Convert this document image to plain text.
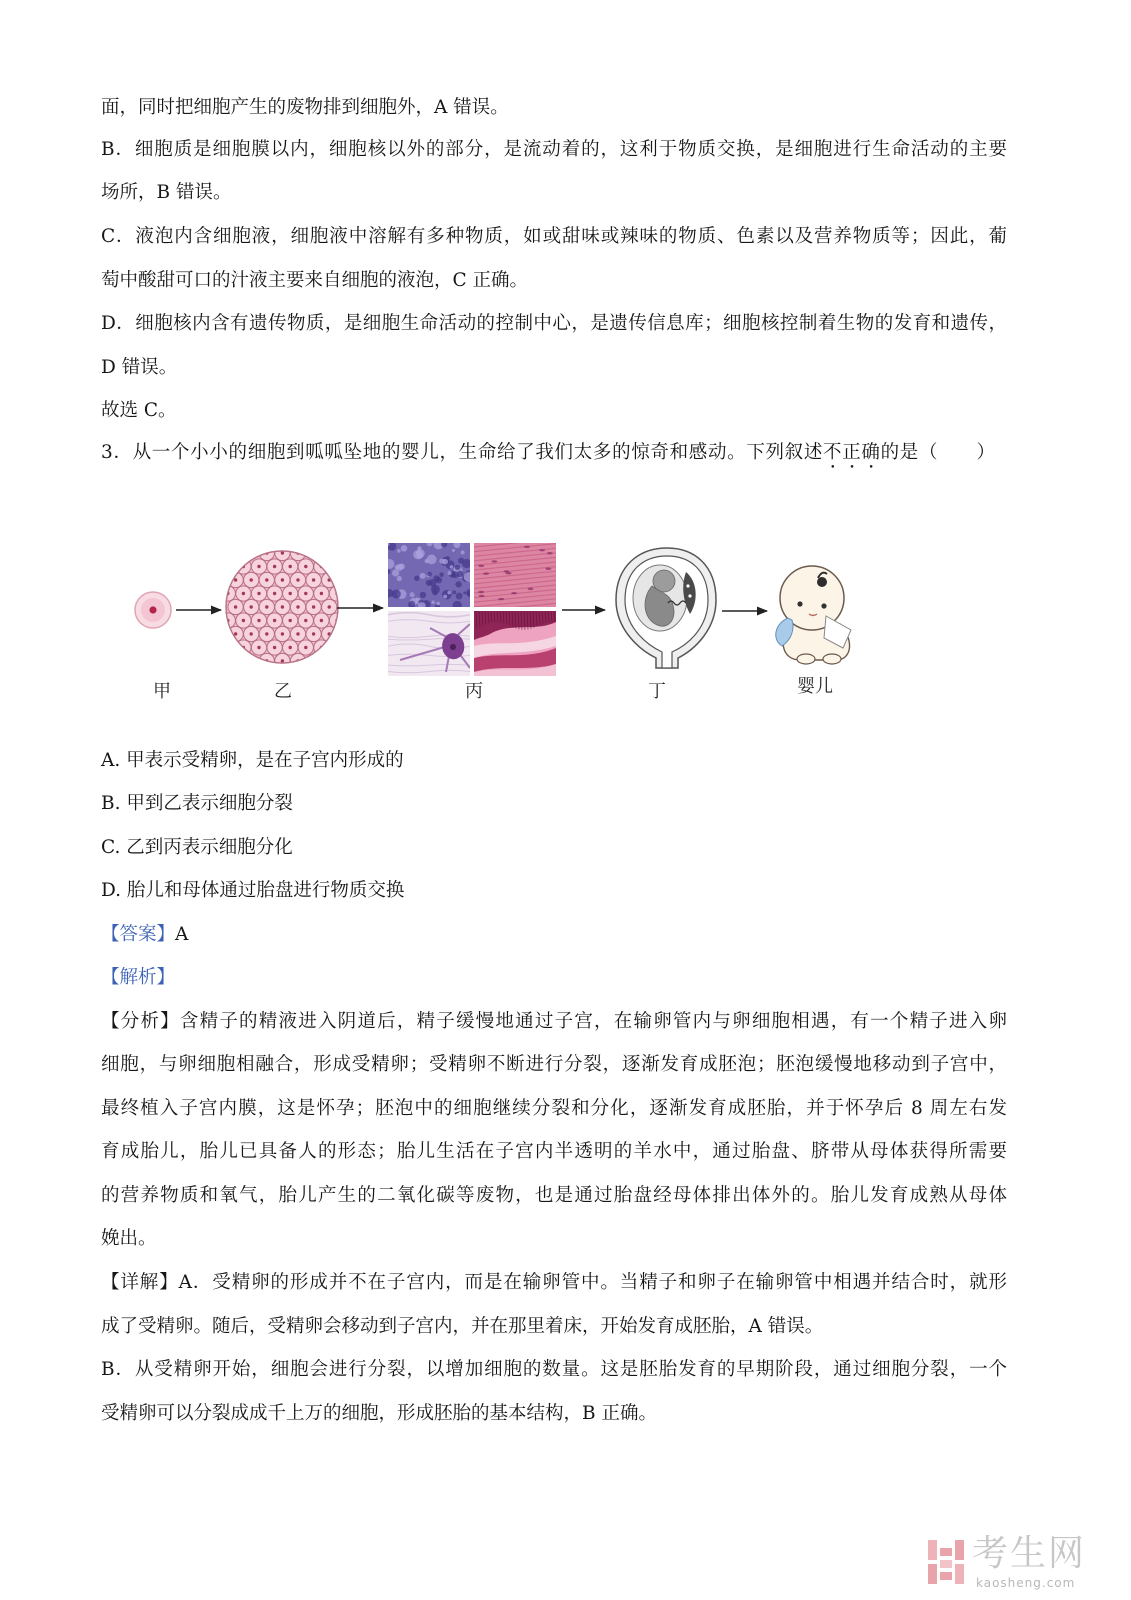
面，同时把细胞产生的废物排到细胞外，A 错误。
B．细胞质是细胞膜以内，细胞核以外的部分，是流动着的，这利于物质交换，是细胞进行生命活动的主要
场所，B 错误。
C．液泡内含细胞液，细胞液中溶解有多种物质，如或甜味或辣味的物质、色素以及营养物质等；因此，葡
萄中酸甜可口的汁液主要来自细胞的液泡，C 正确。
D．细胞核内含有遗传物质，是细胞生命活动的控制中心，是遗传信息库；细胞核控制着生物的发育和遗传，
D 错误。
故选 C。
3．从一个小小的细胞到呱呱坠地的婴儿，生命给了我们太多的惊奇和感动。下列叙述不正确的是（　　）
甲	乙	丙	丁	婴儿
A. 甲表示受精卵，是在子宫内形成的
B. 甲到乙表示细胞分裂
C. 乙到丙表示细胞分化
D. 胎儿和母体通过胎盘进行物质交换
【答案】A
【解析】
【分析】含精子的精液进入阴道后，精子缓慢地通过子宫，在输卵管内与卵细胞相遇，有一个精子进入卵
细胞，与卵细胞相融合，形成受精卵；受精卵不断进行分裂，逐渐发育成胚泡；胚泡缓慢地移动到子宫中，
最终植入子宫内膜，这是怀孕；胚泡中的细胞继续分裂和分化，逐渐发育成胚胎，并于怀孕后 8 周左右发
育成胎儿，胎儿已具备人的形态；胎儿生活在子宫内半透明的羊水中，通过胎盘、脐带从母体获得所需要
的营养物质和氧气，胎儿产生的二氧化碳等废物，也是通过胎盘经母体排出体外的。胎儿发育成熟从母体
娩出。
【详解】A．受精卵的形成并不在子宫内，而是在输卵管中。当精子和卵子在输卵管中相遇并结合时，就形
成了受精卵。随后，受精卵会移动到子宫内，并在那里着床，开始发育成胚胎，A 错误。
B．从受精卵开始，细胞会进行分裂，以增加细胞的数量。这是胚胎发育的早期阶段，通过细胞分裂，一个
受精卵可以分裂成成千上万的细胞，形成胚胎的基本结构，B 正确。
考生网
kaosheng.com
